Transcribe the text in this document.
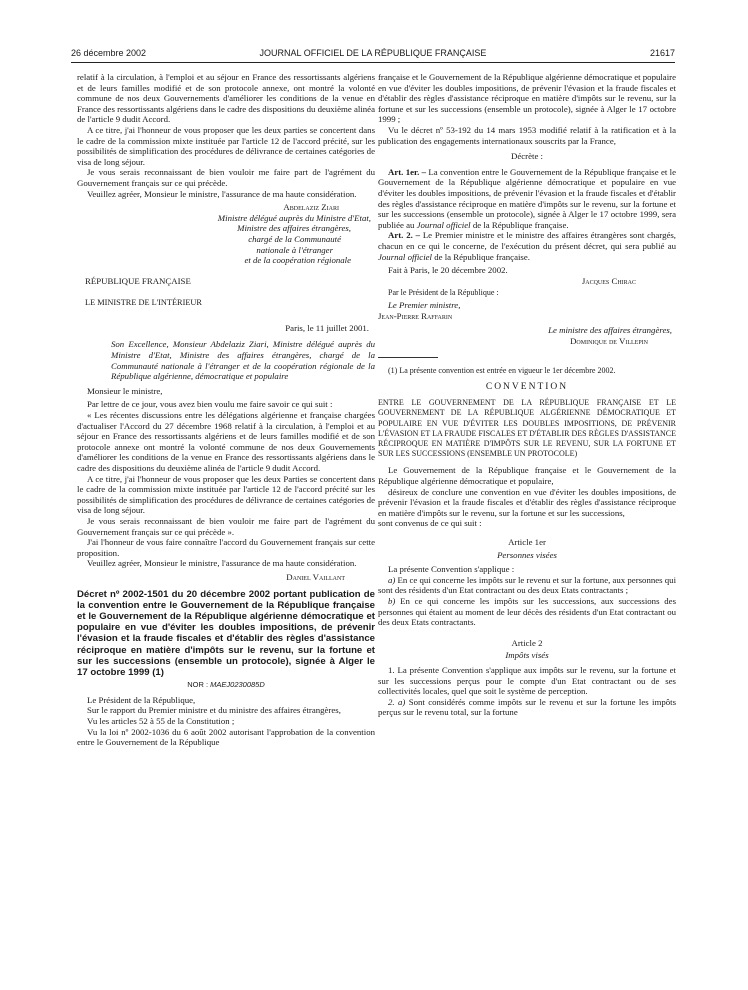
26 décembre 2002	JOURNAL OFFICIEL DE LA RÉPUBLIQUE FRANÇAISE	21617

relatif à la circulation, à l'emploi et au séjour en France des ressortissants algériens et de leurs familles modifié et de son protocole annexe, ont montré la volonté commune de nos deux Gouvernements d'améliorer les conditions de la venue en France des ressortissants algériens dans le cadre des dispositions du deuxième alinéa de l'article 9 dudit Accord.

A ce titre, j'ai l'honneur de vous proposer que les deux parties se concertent dans le cadre de la commission mixte instituée par l'article 12 de l'accord précité, sur les possibilités de simplification des procédures de délivrance de certaines catégories de visa de long séjour.

Je vous serais reconnaissant de bien vouloir me faire part de l'agrément du Gouvernement français sur ce qui précède.

Veuillez agréer, Monsieur le ministre, l'assurance de ma haute considération.

Abdelaziz Ziari
Ministre délégué auprès du Ministre d'Etat,
Ministre des affaires étrangères,
chargé de la Communauté
nationale à l'étranger
et de la coopération régionale
RÉPUBLIQUE FRANÇAISE
LE MINISTRE DE L'INTÉRIEUR
Paris, le 11 juillet 2001.

Son Excellence, Monsieur Abdelaziz Ziari, Ministre délégué auprès du Ministre d'Etat, Ministre des affaires étrangères, chargé de la Communauté nationale à l'étranger et de la coopération régionale de la République algérienne, démocratique et populaire

Monsieur le ministre,

Par lettre de ce jour, vous avez bien voulu me faire savoir ce qui suit :

« Les récentes discussions entre les délégations algérienne et française chargées d'actualiser l'Accord du 27 décembre 1968 relatif à la circulation, à l'emploi et au séjour en France des ressortissants algériens et de leurs familles modifié et de son protocole annexe ont montré la volonté commune de nos deux Gouvernements d'améliorer les conditions de la venue en France des ressortissants algériens dans le cadre des dispositions du deuxième alinéa de l'article 9 dudit Accord.

A ce titre, j'ai l'honneur de vous proposer que les deux Parties se concertent dans le cadre de la commission mixte instituée par l'article 12 de l'accord précité sur les possibilités de simplification des procédures de délivrance de certaines catégories de visa de long séjour.

Je vous serais reconnaissant de bien vouloir me faire part de l'agrément du Gouvernement français sur ce qui précède ».

J'ai l'honneur de vous faire connaître l'accord du Gouvernement français sur cette proposition.

Veuillez agréer, Monsieur le ministre, l'assurance de ma haute considération.

Daniel Vaillant

Décret nº 2002-1501 du 20 décembre 2002 portant publication de la convention entre le Gouvernement de la République française et le Gouvernement de la République algérienne démocratique et populaire en vue d'éviter les doubles impositions, de prévenir l'évasion et la fraude fiscales et d'établir des règles d'assistance réciproque en matière d'impôts sur le revenu, sur la fortune et sur les successions (ensemble un protocole), signée à Alger le 17 octobre 1999 (1)

NOR : MAEJ0230085D

Le Président de la République,

Sur le rapport du Premier ministre et du ministre des affaires étrangères,

Vu les articles 52 à 55 de la Constitution ;

Vu la loi nº 2002-1036 du 6 août 2002 autorisant l'approbation de la convention entre le Gouvernement de la République

française et le Gouvernement de la République algérienne démocratique et populaire en vue d'éviter les doubles impositions, de prévenir l'évasion et la fraude fiscales et d'établir des règles d'assistance réciproque en matière d'impôts sur le revenu, sur la fortune et sur les successions (ensemble un protocole), signée à Alger le 17 octobre 1999 ;

Vu le décret nº 53-192 du 14 mars 1953 modifié relatif à la ratification et à la publication des engagements internationaux souscrits par la France,

Décrète :

Art. 1er. – La convention entre le Gouvernement de la République française et le Gouvernement de la République algérienne démocratique et populaire en vue d'éviter les doubles impositions, de prévenir l'évasion et la fraude fiscales et d'établir des règles d'assistance réciproque en matière d'impôts sur le revenu, sur la fortune et sur les successions (ensemble un protocole), signée à Alger le 17 octobre 1999, sera publiée au Journal officiel de la République française.

Art. 2. – Le Premier ministre et le ministre des affaires étrangères sont chargés, chacun en ce qui le concerne, de l'exécution du présent décret, qui sera publié au Journal officiel de la République française.

Fait à Paris, le 20 décembre 2002.

Jacques Chirac
Par le Président de la République :
Le Premier ministre,
Jean-Pierre Raffarin
Le ministre des affaires étrangères,
Dominique de Villepin

(1) La présente convention est entrée en vigueur le 1er décembre 2002.

CONVENTION

ENTRE LE GOUVERNEMENT DE LA RÉPUBLIQUE FRANÇAISE ET LE GOUVERNEMENT DE LA RÉPUBLIQUE ALGÉRIENNE DÉMOCRATIQUE ET POPULAIRE EN VUE D'ÉVITER LES DOUBLES IMPOSITIONS, DE PRÉVENIR L'ÉVASION ET LA FRAUDE FISCALES ET D'ÉTABLIR DES RÈGLES D'ASSISTANCE RÉCIPROQUE EN MATIÈRE D'IMPÔTS SUR LE REVENU, SUR LA FORTUNE ET SUR LES SUCCESSIONS (ENSEMBLE UN PROTOCOLE)

Le Gouvernement de la République française et le Gouvernement de la République algérienne démocratique et populaire,

désireux de conclure une convention en vue d'éviter les doubles impositions, de prévenir l'évasion et la fraude fiscales et d'établir des règles d'assistance réciproque en matière d'impôts sur le revenu, sur la fortune et sur les successions,

sont convenus de ce qui suit :

Article 1er
Personnes visées

La présente Convention s'applique :

a) En ce qui concerne les impôts sur le revenu et sur la fortune, aux personnes qui sont des résidents d'un Etat contractant ou des deux Etats contractants ;

b) En ce qui concerne les impôts sur les successions, aux successions des personnes qui étaient au moment de leur décès des résidents d'un Etat contractant ou des deux Etats contractants.

Article 2
Impôts visés

1. La présente Convention s'applique aux impôts sur le revenu, sur la fortune et sur les successions perçus pour le compte d'un Etat contractant ou de ses collectivités locales, quel que soit le système de perception.

2. a) Sont considérés comme impôts sur le revenu et sur la fortune les impôts perçus sur le revenu total, sur la fortune
